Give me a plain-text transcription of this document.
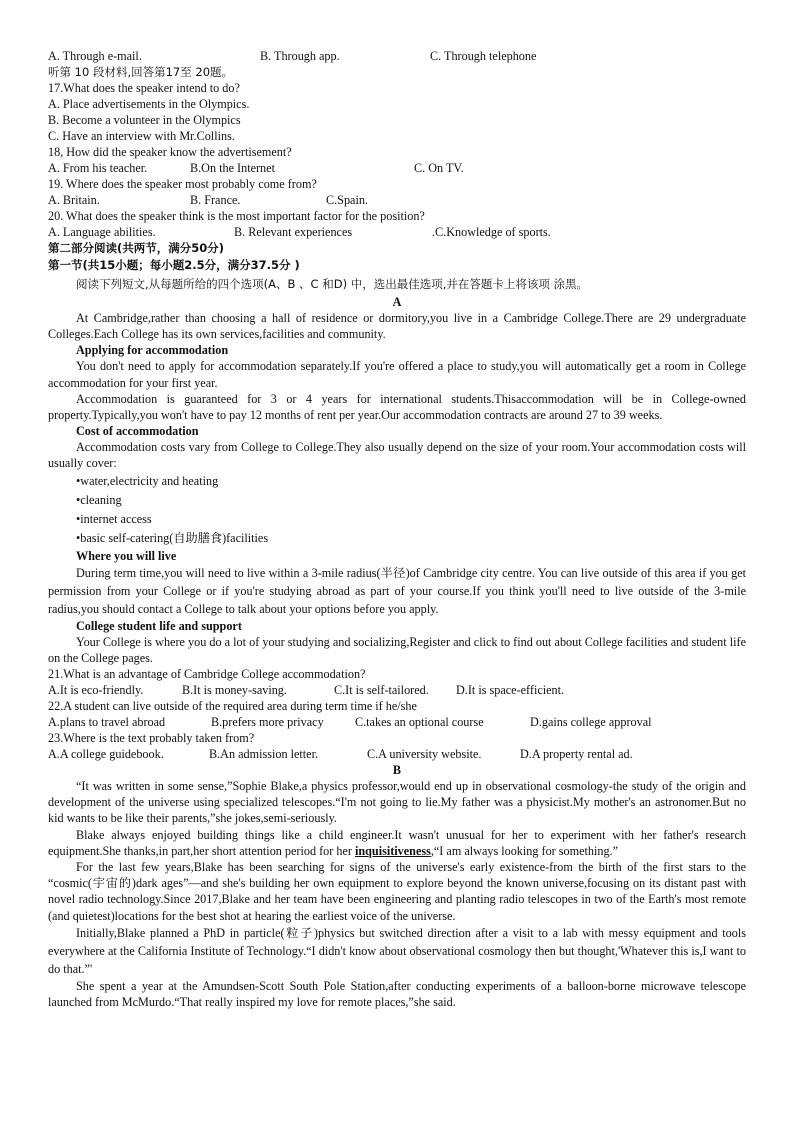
A. Through e-mail.	B. Through app.	C. Through telephone
听第 10 段材料,回答第17至 20题。
17.What does the speaker intend to do?
A. Place advertisements in the Olympics.
B. Become a volunteer in the Olympics
C. Have an interview with Mr.Collins.
18, How did the speaker know the advertisement?
A. From his teacher.	B.On the Internet	C. On TV.
19. Where does the speaker most probably come from?
A. Britain.	B. France.	C.Spain.
20. What does the speaker think is the most important factor for the position?
A. Language abilities.	B. Relevant experiences	.C.Knowledge of sports.
第二部分阅读(共两节，满分50分)
第一节(共15小题；每小题2.5分，满分37.5分 )
阅读下列短文,从每题所给的四个选项(A、B 、C 和D) 中，选出最佳选项,并在答题卡上将该项 涂黑。
A

At Cambridge,rather than choosing a hall of residence or dormitory,you live in a Cambridge College.There are 29 undergraduate Colleges.Each College has its own services,facilities and community.

Applying for accommodation

You don't need to apply for accommodation separately.If you're offered a place to study,you will automatically get a room in College accommodation for your first year.

Accommodation is guaranteed for 3 or 4 years for international students.Thisaccommodation will be in College-owned property.Typically,you won't have to pay 12 months of rent per year.Our accommodation contracts are around 27 to 39 weeks.

Cost of accommodation

Accommodation costs vary from College to College.They also usually depend on the size of your room.Your accommodation costs will usually cover:

•water,electricity and heating
•cleaning
•internet access
•basic self-catering(自助膳食)facilities
Where you will live

During term time,you will need to live within a 3-mile radius(半径)of Cambridge city centre. You can live outside of this area if you get permission from your College or if you're studying abroad as part of your course.If you think you'll need to live outside of the 3-mile radius,you should contact a College to talk about your options before you apply.

College student life and support

Your College is where you do a lot of your studying and socializing,Register and click to find out about College facilities and student life on the College pages.

21.What is an advantage of Cambridge College accommodation?
A.It is eco-friendly.	B.It is money-saving.	C.It is self-tailored.	D.It is space-efficient.
22.A student can live outside of the required area during term time if he/she
A.plans to travel abroad	B.prefers more privacy	C.takes an optional course	D.gains college approval
23.Where is the text probably taken from?
A.A college guidebook.	B.An admission letter.	C.A university website.	D.A property rental ad.
B

“It was written in some sense,”Sophie Blake,a physics professor,would end up in observational cosmology-the study of the origin and development of the universe using specialized telescopes.“I'm not going to lie.My father was a physicist.My mother's an astronomer.But no kid wants to be like their parents,”she jokes,semi-seriously.

Blake always enjoyed building things like a child engineer.It wasn't unusual for her to experiment with her father's research equipment.She thanks,in part,her short attention period for her inquisitiveness,“I am always looking for something.”

For the last few years,Blake has been searching for signs of the universe's early existence-from the birth of the first stars to the “cosmic(宇宙的)dark ages”—and she's building her own equipment to explore beyond the known universe,focusing on its distant past with novel radio technology.Since 2017,Blake and her team have been engineering and planting radio telescopes in two of the Earth's most remote (and quietest)locations for the best shot at hearing the earliest voice of the universe.

Initially,Blake planned a PhD in particle(粒子)physics but switched direction after a visit to a lab with messy equipment and tools everywhere at the California Institute of Technology.“I didn't know about observational cosmology then but thought,'Whatever this is,I want to do that.”'

She spent a year at the Amundsen-Scott South Pole Station,after conducting experiments of a balloon-borne microwave telescope launched from McMurdo.“That really inspired my love for remote places,”she said.
